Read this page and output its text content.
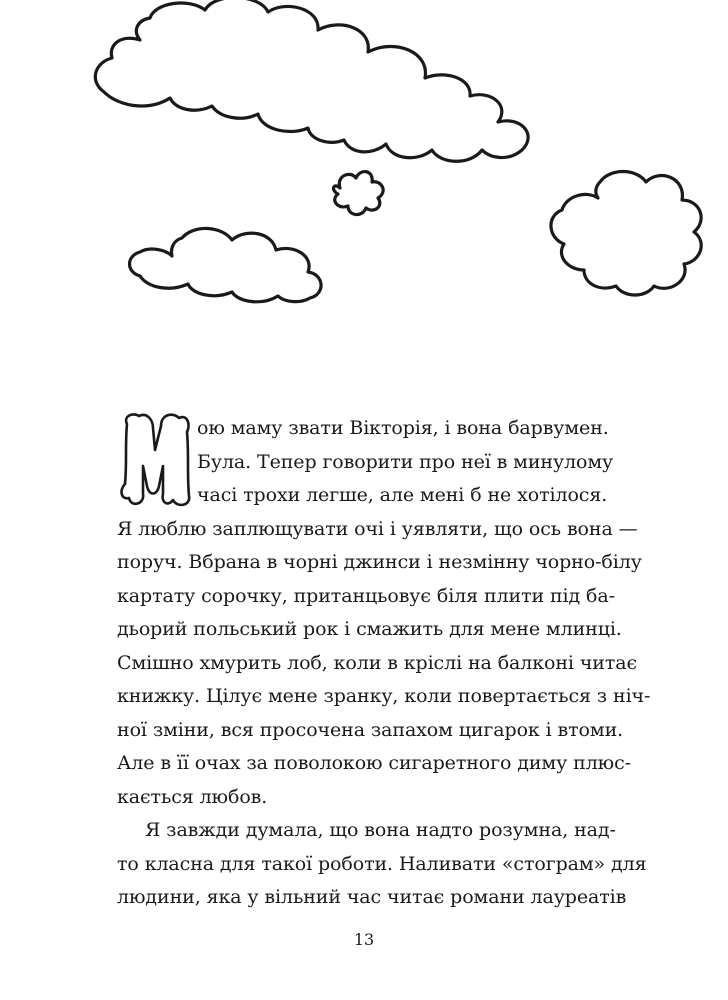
ою маму звати Вікторія, і вона барвумен.
Була. Тепер говорити про неї в минулому
часі трохи легше, але мені б не хотілося.
Я люблю заплющувати очі і уявляти, що ось вона —
поруч. Вбрана в чорні джинси і незмінну чорно-білу
картату сорочку, пританцьовує біля плити під ба-
дьорий польський рок і смажить для мене млинці.
Смішно хмурить лоб, коли в кріслі на балконі читає
книжку. Цілує мене зранку, коли повертається з ніч-
ної зміни, вся просочена запахом цигарок і втоми.
Але в її очах за поволокою сигаретного диму плюс-
кається любов.
Я завжди думала, що вона надто розумна, над-
то класна для такої роботи. Наливати «стограм» для
людини, яка у вільний час читає романи лауреатів
13
